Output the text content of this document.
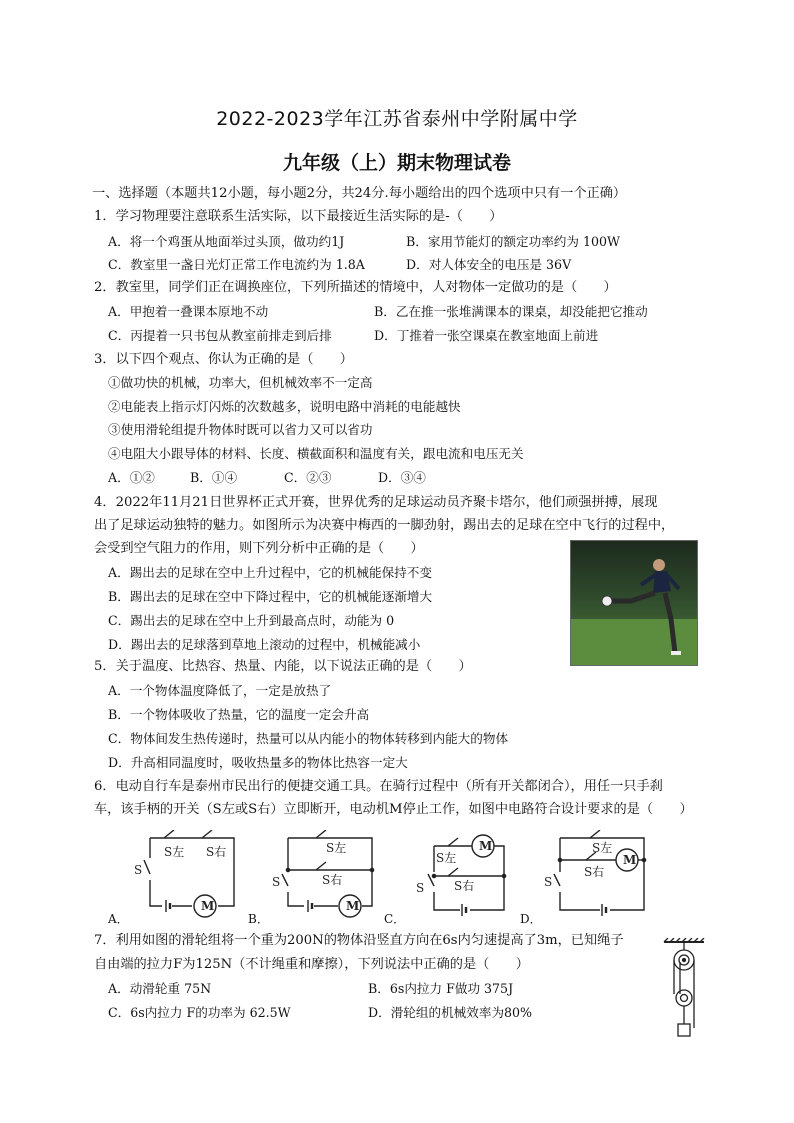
2022-2023学年江苏省泰州中学附属中学
九年级（上）期末物理试卷
一、选择题（本题共12小题，每小题2分，共24分.每小题给出的四个选项中只有一个正确）
1．学习物理要注意联系生活实际，以下最接近生活实际的是-（　　）
A．将一个鸡蛋从地面举过头顶，做功约1J	B．家用节能灯的额定功率约为 100W
C．教室里一盏日光灯正常工作电流约为 1.8A	D．对人体安全的电压是 36V
2．教室里，同学们正在调换座位，下列所描述的情境中，人对物体一定做功的是（　　）
A．甲抱着一叠课本原地不动	B．乙在推一张堆满课本的课桌，却没能把它推动
C．丙提着一只书包从教室前排走到后排	D．丁推着一张空课桌在教室地面上前进
3．以下四个观点、你认为正确的是（　　）
①做功快的机械，功率大，但机械效率不一定高
②电能表上指示灯闪烁的次数越多，说明电路中消耗的电能越快
③使用滑轮组提升物体时既可以省力又可以省功
④电阻大小跟导体的材料、长度、横截面积和温度有关，跟电流和电压无关
A．①②	B．①④	C．②③	D．③④
4．2022年11月21日世界杯正式开赛，世界优秀的足球运动员齐聚卡塔尔，他们顽强拼搏，展现
出了足球运动独特的魅力。如图所示为决赛中梅西的一脚劲射，踢出去的足球在空中飞行的过程中，
会受到空气阻力的作用，则下列分析中正确的是（　　）
A．踢出去的足球在空中上升过程中，它的机械能保持不变
B．踢出去的足球在空中下降过程中，它的机械能逐渐增大
C．踢出去的足球在空中上升到最高点时，动能为 0
D．踢出去的足球落到草地上滚动的过程中，机械能减小
5．关于温度、比热容、热量、内能，以下说法正确的是（　　）
A．一个物体温度降低了，一定是放热了
B．一个物体吸收了热量，它的温度一定会升高
C．物体间发生热传递时，热量可以从内能小的物体转移到内能大的物体
D．升高相同温度时，吸收热量多的物体比热容一定大
6．电动自行车是泰州市民出行的便捷交通工具。在骑行过程中（所有开关都闭合），用任一只手刹
车，该手柄的开关（S左或S右）立即断开，电动机M停止工作，如图中电路符合设计要求的是（　　）
M
S左 S右
S
M
S左
S右
S
M
S左
S右
S
M
S左
S右
S
A．	B．	C．	D．
7．利用如图的滑轮组将一个重为200N的物体沿竖直方向在6s内匀速提高了3m，已知绳子
自由端的拉力F为125N（不计绳重和摩擦），下列说法中正确的是（　　）
A．动滑轮重 75N	B．6s内拉力 F做功 375J
C．6s内拉力 F的功率为 62.5W	D．滑轮组的机械效率为80%
